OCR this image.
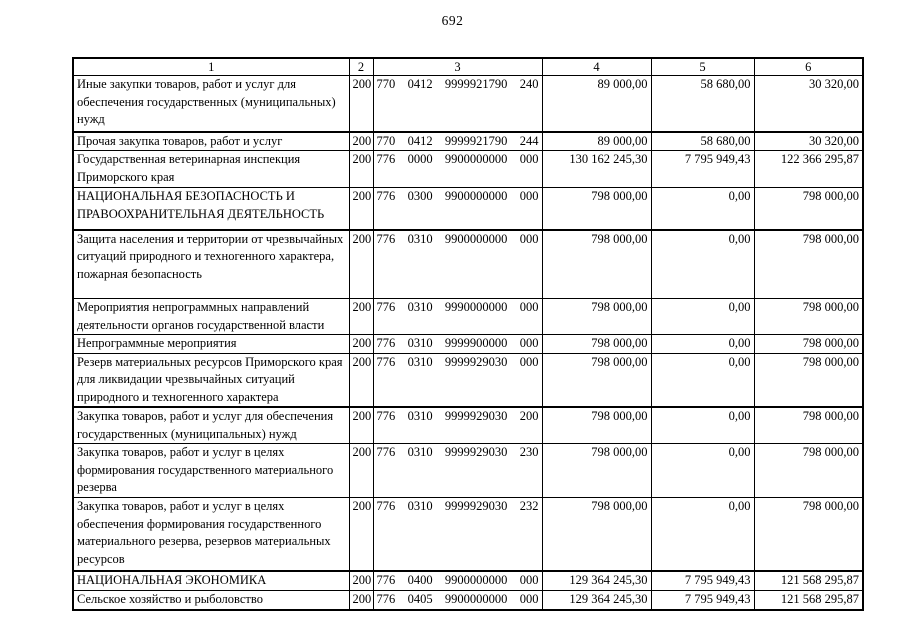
692
1	2	3	4	5	6
Иные закупки товаров, работ и услуг для обеспечения государственных (муниципальных) нужд	200	770 0412 9999921790 240	89 000,00	58 680,00	30 320,00
Прочая закупка товаров, работ и услуг	200	770 0412 9999921790 244	89 000,00	58 680,00	30 320,00
Государственная ветеринарная инспекция Приморского края	200	776 0000 9900000000 000	130 162 245,30	7 795 949,43	122 366 295,87
НАЦИОНАЛЬНАЯ БЕЗОПАСНОСТЬ И ПРАВООХРАНИТЕЛЬНАЯ ДЕЯТЕЛЬНОСТЬ	200	776 0300 9900000000 000	798 000,00	0,00	798 000,00
Защита населения и территории от чрезвычайных ситуаций природного и техногенного характера, пожарная безопасность	200	776 0310 9900000000 000	798 000,00	0,00	798 000,00
Мероприятия непрограммных направлений деятельности органов государственной власти	200	776 0310 9990000000 000	798 000,00	0,00	798 000,00
Непрограммные мероприятия	200	776 0310 9999900000 000	798 000,00	0,00	798 000,00
Резерв материальных ресурсов Приморского края для ликвидации чрезвычайных ситуаций природного и техногенного характера	200	776 0310 9999929030 000	798 000,00	0,00	798 000,00
Закупка товаров, работ и услуг для обеспечения государственных (муниципальных) нужд	200	776 0310 9999929030 200	798 000,00	0,00	798 000,00
Закупка товаров, работ и услуг в целях формирования государственного материального резерва	200	776 0310 9999929030 230	798 000,00	0,00	798 000,00
Закупка товаров, работ и услуг в целях обеспечения формирования государственного материального резерва, резервов материальных ресурсов	200	776 0310 9999929030 232	798 000,00	0,00	798 000,00
НАЦИОНАЛЬНАЯ ЭКОНОМИКА	200	776 0400 9900000000 000	129 364 245,30	7 795 949,43	121 568 295,87
Сельское хозяйство и рыболовство	200	776 0405 9900000000 000	129 364 245,30	7 795 949,43	121 568 295,87
